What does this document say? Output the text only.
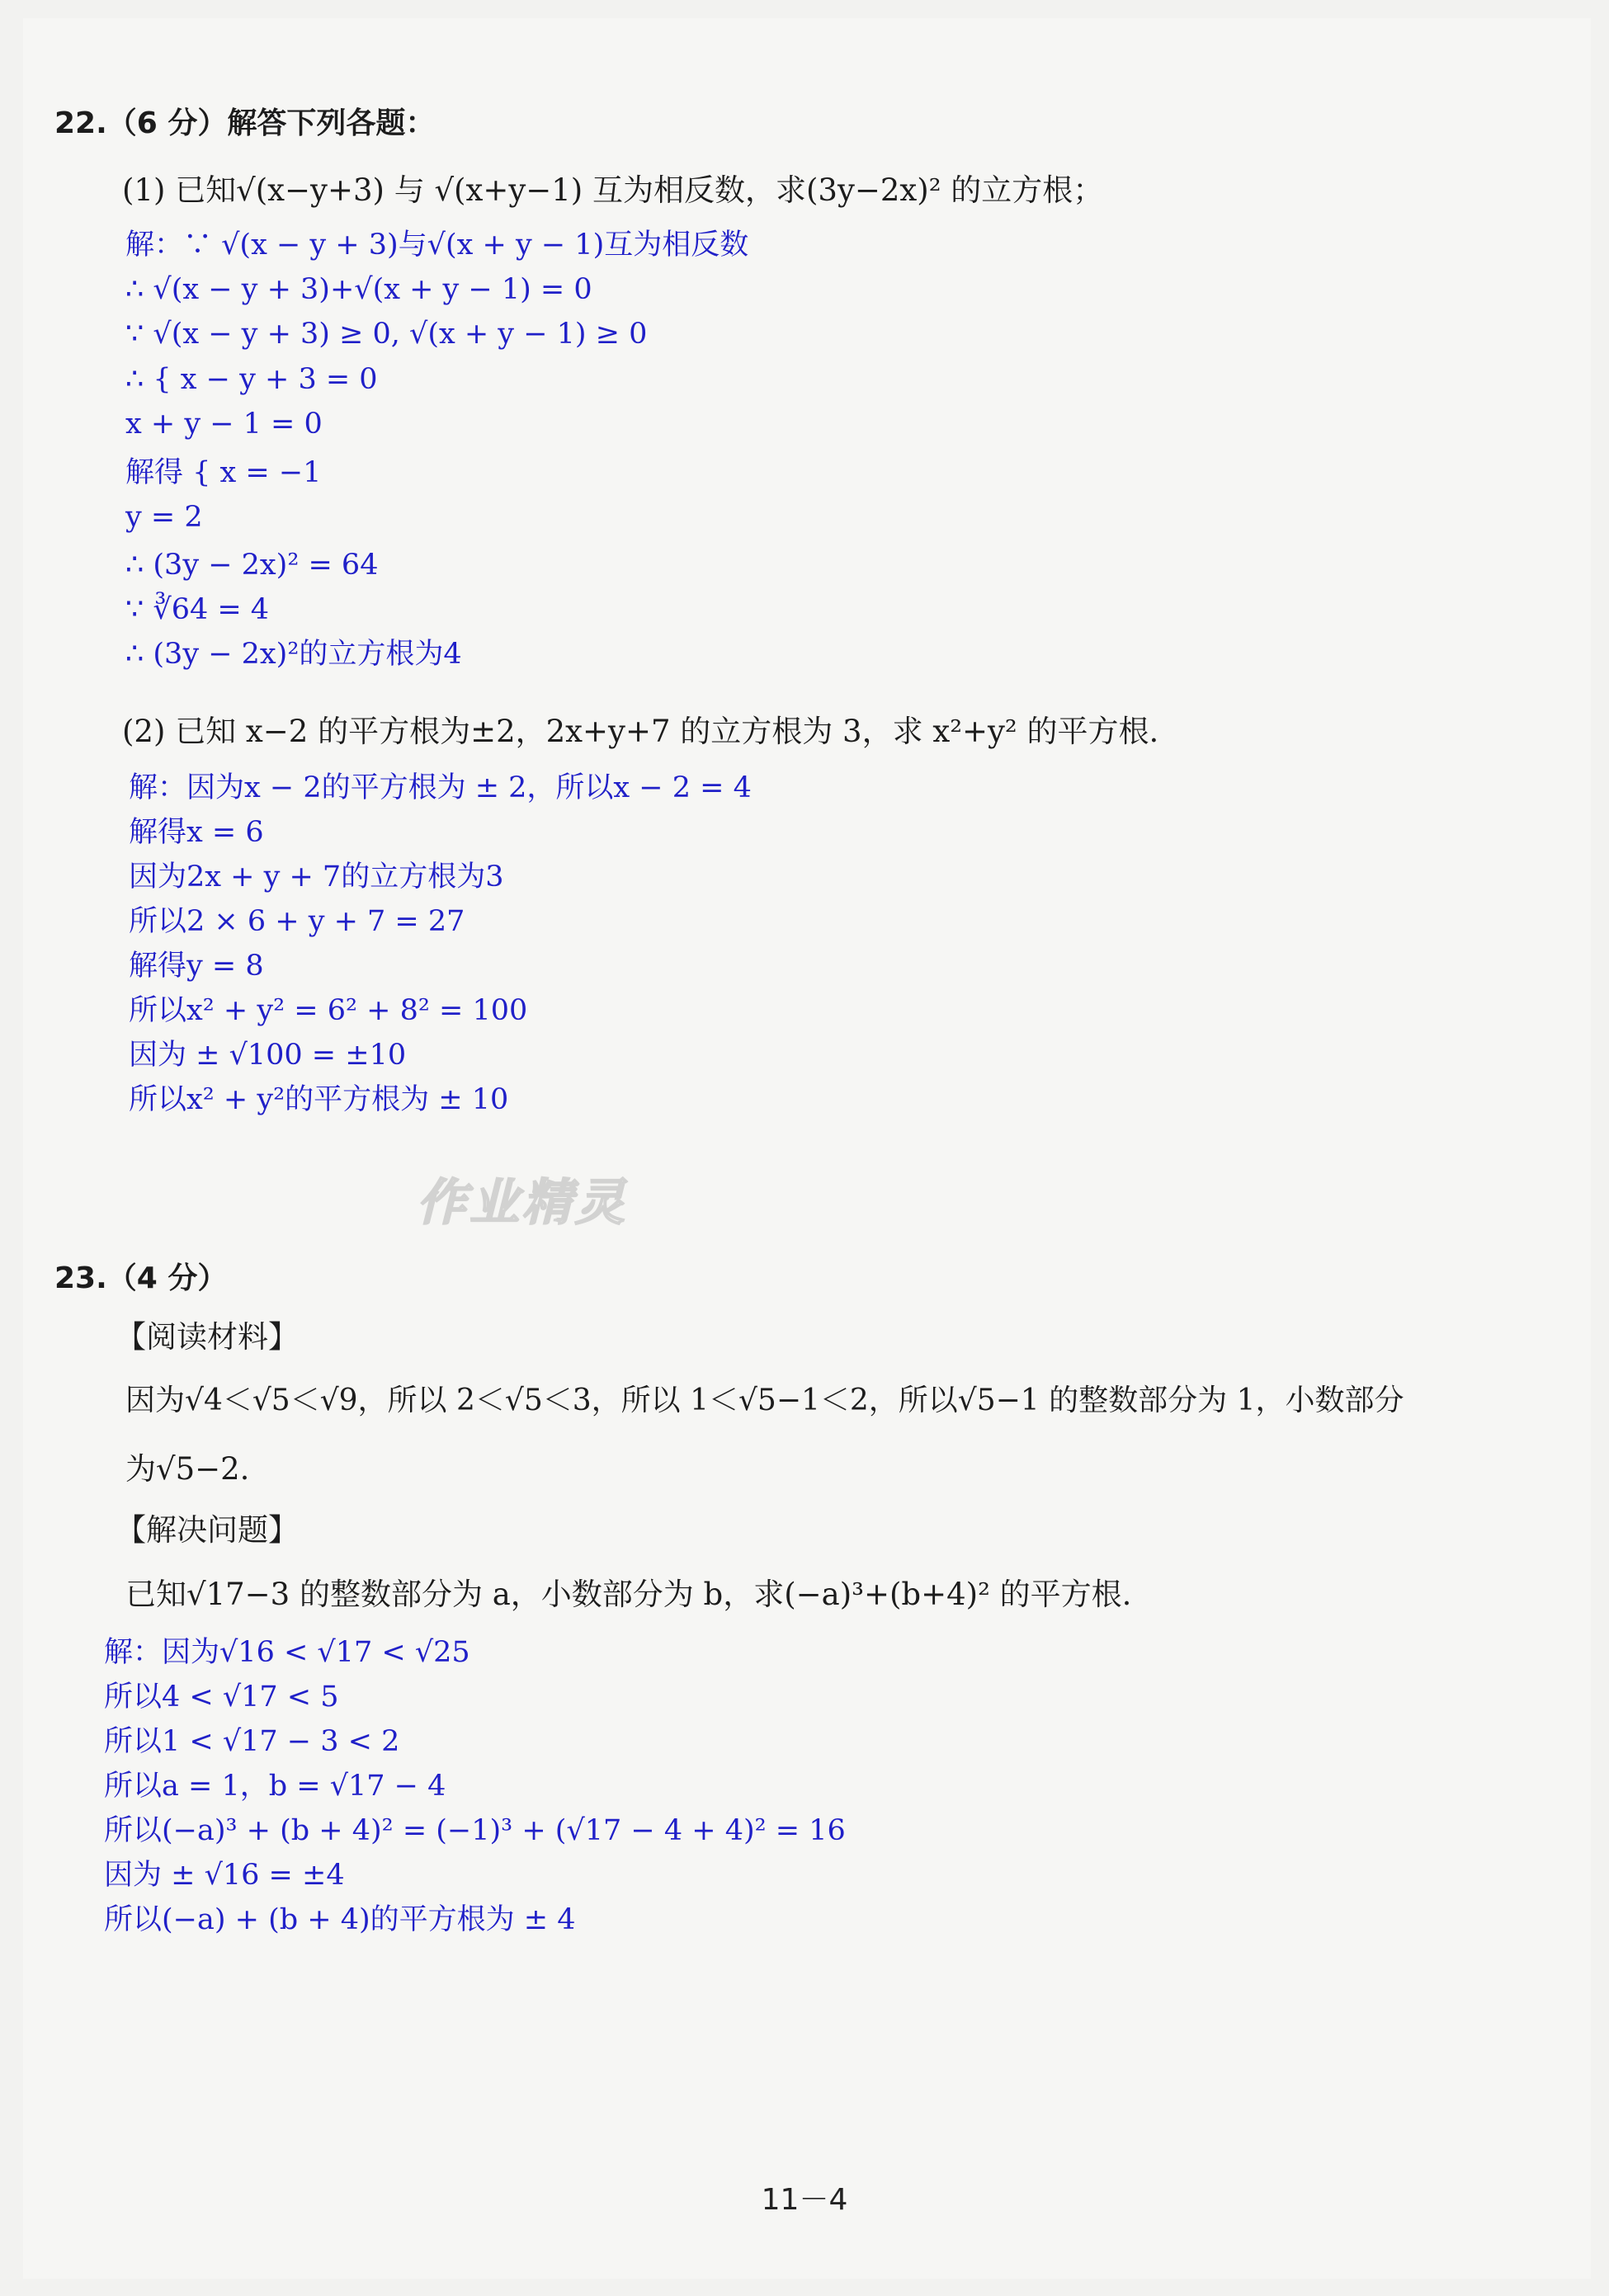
22.（6 分）解答下列各题：
(1) 已知√(x−y+3) 与 √(x+y−1) 互为相反数，求(3y−2x)² 的立方根；
解：∵ √(x − y + 3)与√(x + y − 1)互为相反数
∴ √(x − y + 3)+√(x + y − 1) = 0
∵ √(x − y + 3) ≥ 0, √(x + y − 1) ≥ 0
∴ { x − y + 3 = 0
x + y − 1 = 0
解得 { x = −1
y = 2
∴ (3y − 2x)² = 64
∵ ∛64 = 4
∴ (3y − 2x)²的立方根为4
(2) 已知 x−2 的平方根为±2，2x+y+7 的立方根为 3，求 x²+y² 的平方根.
解：因为x − 2的平方根为 ± 2，所以x − 2 = 4
解得x = 6
因为2x + y + 7的立方根为3
所以2 × 6 + y + 7 = 27
解得y = 8
所以x² + y² = 6² + 8² = 100
因为 ± √100 = ±10
所以x² + y²的平方根为 ± 10
作业精灵
23.（4 分）
【阅读材料】
因为√4＜√5＜√9，所以 2＜√5＜3，所以 1＜√5−1＜2，所以√5−1 的整数部分为 1，小数部分
为√5−2.
【解决问题】
已知√17−3 的整数部分为 a，小数部分为 b，求(−a)³+(b+4)² 的平方根.
解：因为√16 < √17 < √25
所以4 < √17 < 5
所以1 < √17 − 3 < 2
所以a = 1，b = √17 − 4
所以(−a)³ + (b + 4)² = (−1)³ + (√17 − 4 + 4)² = 16
因为 ± √16 = ±4
所以(−a) + (b + 4)的平方根为 ± 4
11－4
